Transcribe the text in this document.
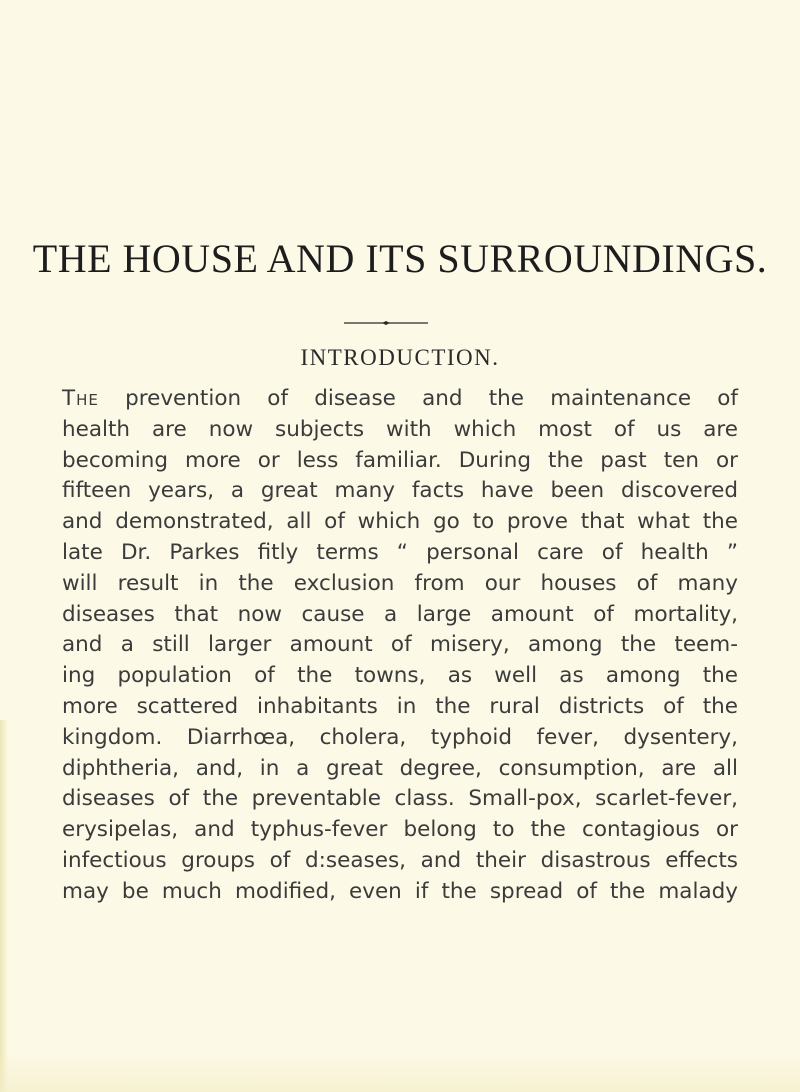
THE HOUSE AND ITS SURROUNDINGS.
INTRODUCTION.
The prevention of disease and the maintenance of
health are now subjects with which most of us are
becoming more or less familiar. During the past ten or
fifteen years, a great many facts have been discovered
and demonstrated, all of which go to prove that what the
late Dr. Parkes fitly terms “ personal care of health ”
will result in the exclusion from our houses of many
diseases that now cause a large amount of mortality,
and a still larger amount of misery, among the teem-
ing population of the towns, as well as among the
more scattered inhabitants in the rural districts of the
kingdom. Diarrhœa, cholera, typhoid fever, dysentery,
diphtheria, and, in a great degree, consumption, are all
diseases of the preventable class. Small-pox, scarlet-fever,
erysipelas, and typhus-fever belong to the contagious or
infectious groups of d:seases, and their disastrous effects
may be much modified, even if the spread of the malady
